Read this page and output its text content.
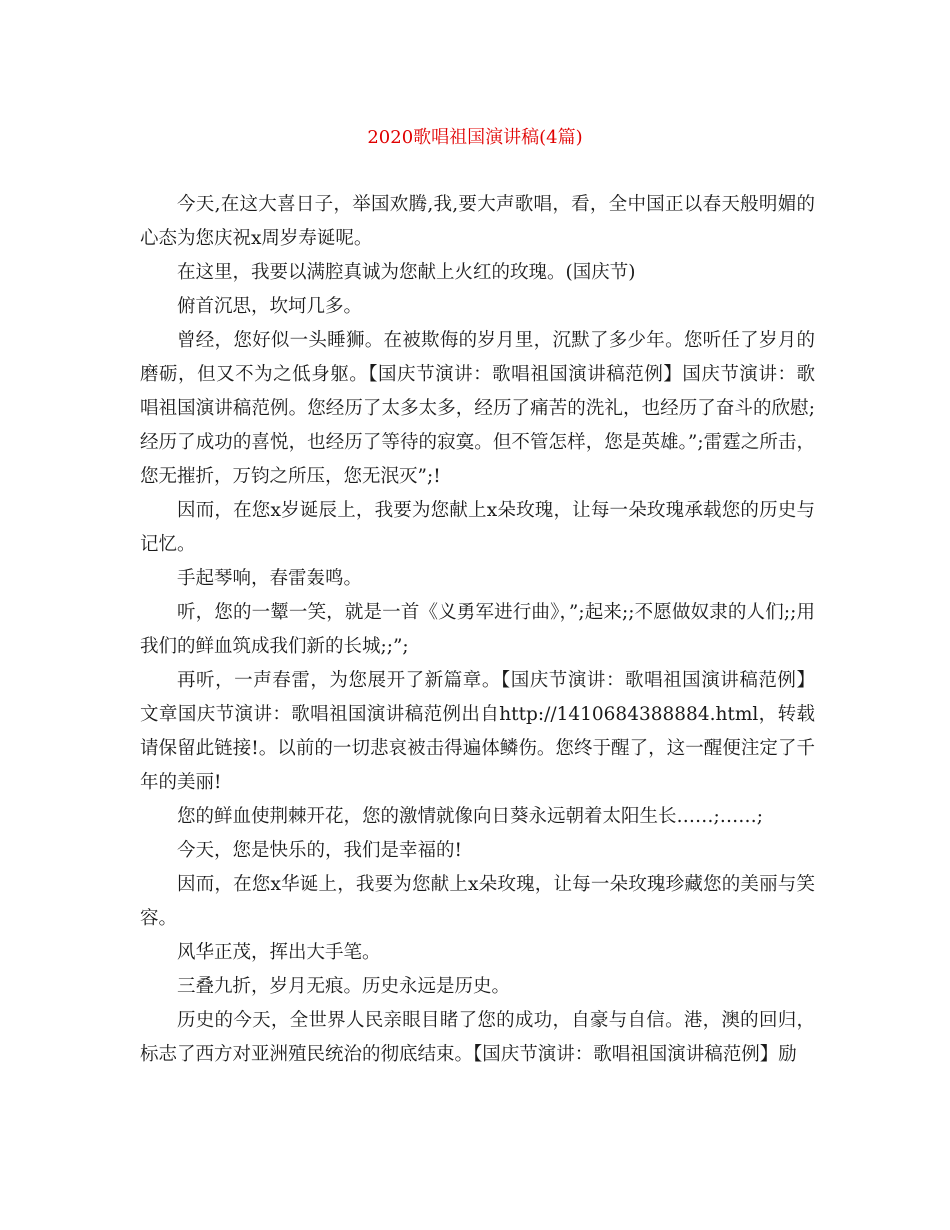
2020歌唱祖国演讲稿(4篇)

今天,在这大喜日子，举国欢腾,我,要大声歌唱，看，全中国正以春天般明媚的心态为您庆祝x周岁寿诞呢。

在这里，我要以满腔真诚为您献上火红的玫瑰。(国庆节)

俯首沉思，坎坷几多。

曾经，您好似一头睡狮。在被欺侮的岁月里，沉默了多少年。您听任了岁月的磨砺，但又不为之低身躯。【国庆节演讲：歌唱祖国演讲稿范例】国庆节演讲：歌唱祖国演讲稿范例。您经历了太多太多，经历了痛苦的洗礼，也经历了奋斗的欣慰;经历了成功的喜悦，也经历了等待的寂寞。但不管怎样，您是英雄。”;雷霆之所击，您无摧折，万钧之所压，您无泯灭”;!

因而，在您x岁诞辰上，我要为您献上x朵玫瑰，让每一朵玫瑰承载您的历史与记忆。

手起琴响，春雷轰鸣。

听，您的一颦一笑，就是一首《义勇军进行曲》，”;起来;;不愿做奴隶的人们;;用我们的鲜血筑成我们新的长城;;”;

再听，一声春雷，为您展开了新篇章。【国庆节演讲：歌唱祖国演讲稿范例】文章国庆节演讲：歌唱祖国演讲稿范例出自http://1410684388884.html，转载请保留此链接!。以前的一切悲哀被击得遍体鳞伤。您终于醒了，这一醒便注定了千年的美丽!

您的鲜血使荆棘开花，您的激情就像向日葵永远朝着太阳生长……;……;

今天，您是快乐的，我们是幸福的!

因而，在您x华诞上，我要为您献上x朵玫瑰，让每一朵玫瑰珍藏您的美丽与笑容。

风华正茂，挥出大手笔。

三叠九折，岁月无痕。历史永远是历史。

历史的今天，全世界人民亲眼目睹了您的成功，自豪与自信。港，澳的回归，标志了西方对亚洲殖民统治的彻底结束。【国庆节演讲：歌唱祖国演讲稿范例】励
